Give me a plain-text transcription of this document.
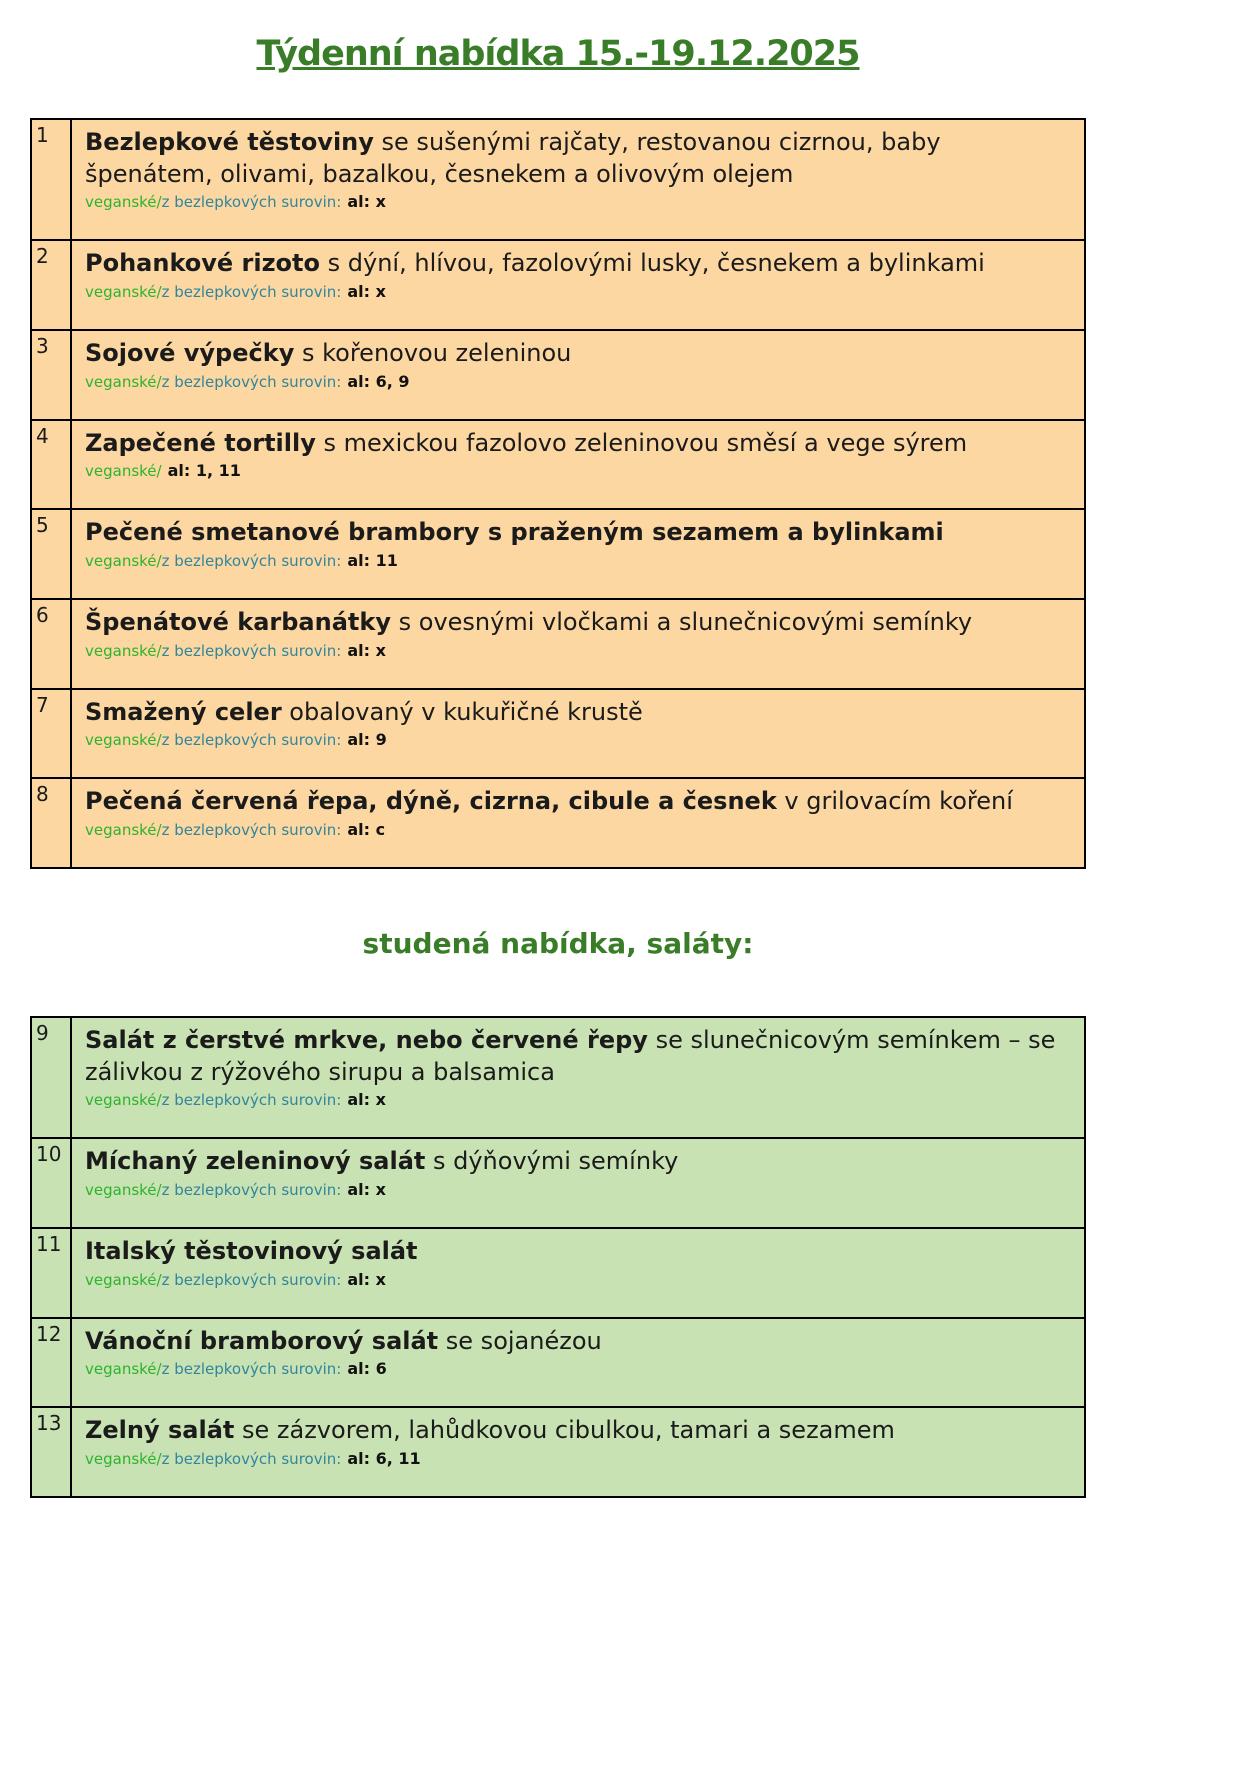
Týdenní nabídka 15.-19.12.2025
1	Bezlepkové těstoviny se sušenými rajčaty, restovanou cizrnou, baby špenátem, olivami, bazalkou, česnekem a olivovým olejem
veganské/z bezlepkových surovin: al: x
2	Pohankové rizoto s dýní, hlívou, fazolovými lusky, česnekem a bylinkami
veganské/z bezlepkových surovin: al: x
3	Sojové výpečky s kořenovou zeleninou
veganské/z bezlepkových surovin: al: 6, 9
4	Zapečené tortilly s mexickou fazolovo zeleninovou směsí a vege sýrem
veganské/ al: 1, 11
5	Pečené smetanové brambory s praženým sezamem a bylinkami
veganské/z bezlepkových surovin: al: 11
6	Špenátové karbanátky s ovesnými vločkami a slunečnicovými semínky
veganské/z bezlepkových surovin: al: x
7	Smažený celer obalovaný v kukuřičné krustě
veganské/z bezlepkových surovin: al: 9
8	Pečená červená řepa, dýně, cizrna, cibule a česnek v grilovacím koření
veganské/z bezlepkových surovin: al: c
studená nabídka, saláty:
9	Salát z čerstvé mrkve, nebo červené řepy se slunečnicovým semínkem – se zálivkou z rýžového sirupu a balsamica
veganské/z bezlepkových surovin: al: x
10 Míchaný zeleninový salát s dýňovými semínky
veganské/z bezlepkových surovin: al: x
11 Italský těstovinový salát
veganské/z bezlepkových surovin: al: x
12 Vánoční bramborový salát se sojanézou
veganské/z bezlepkových surovin: al: 6
13 Zelný salát se zázvorem, lahůdkovou cibulkou, tamari a sezamem
veganské/z bezlepkových surovin: al: 6, 11
